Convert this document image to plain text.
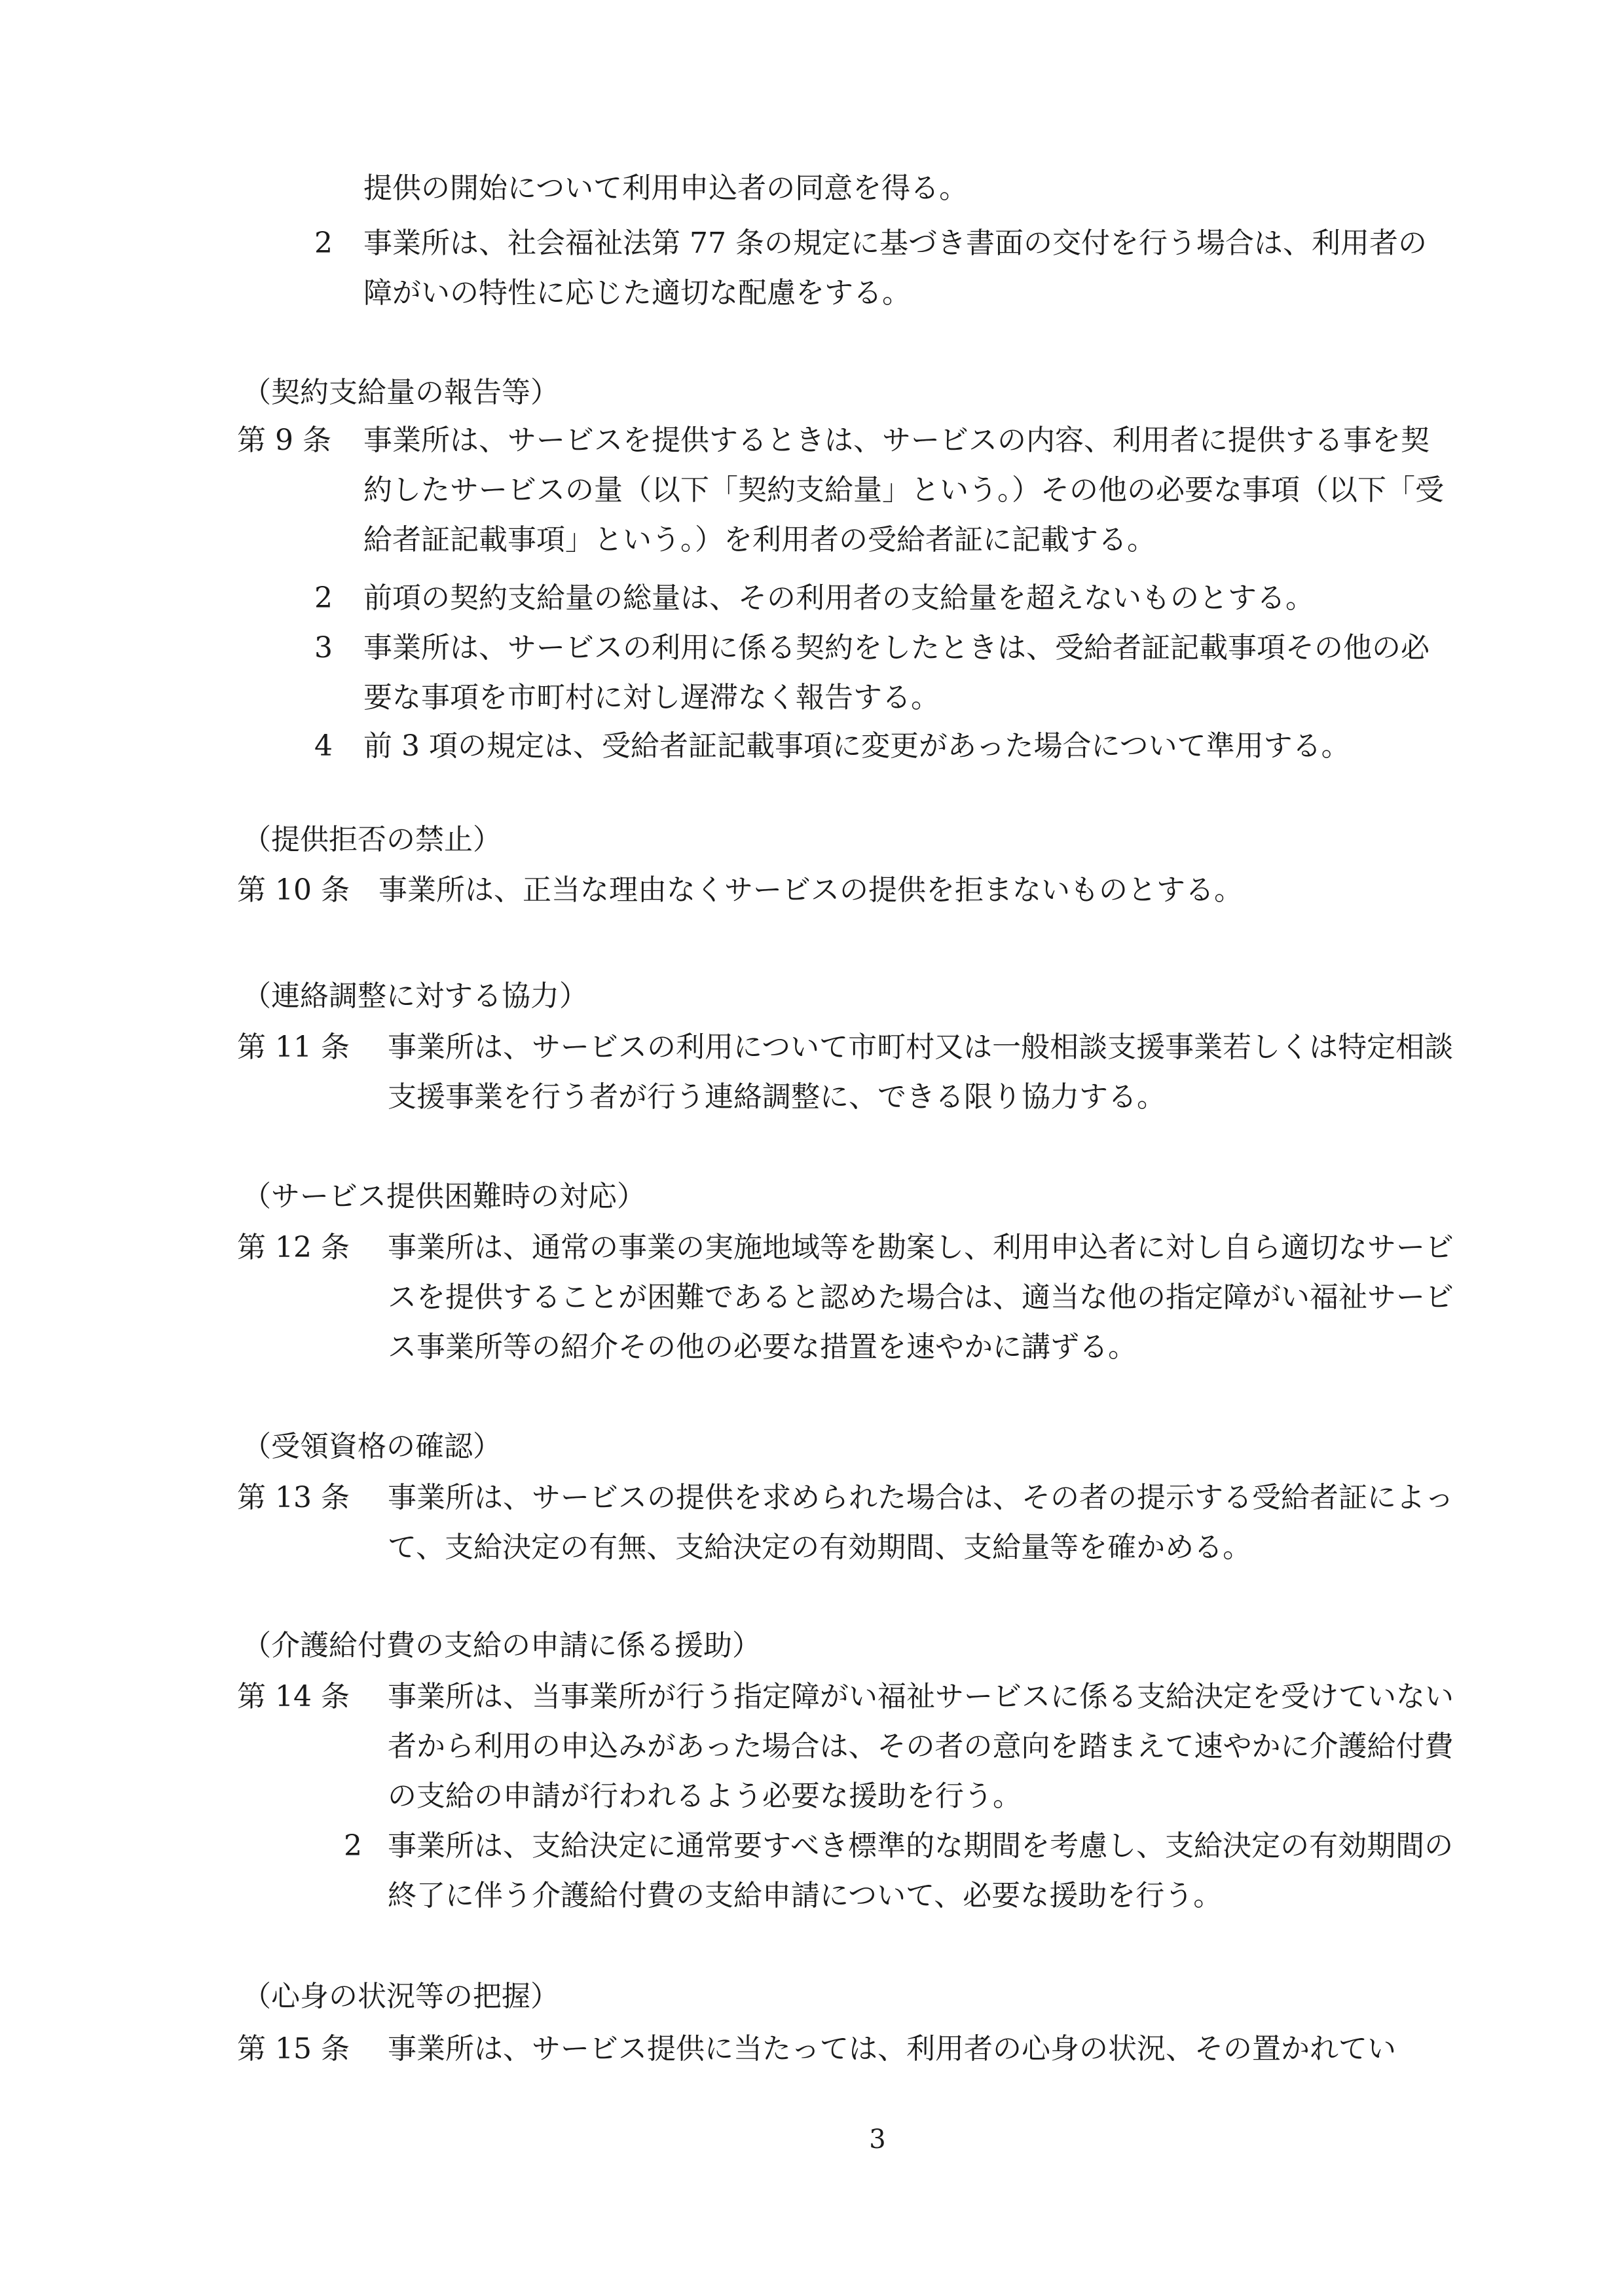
提供の開始について利用申込者の同意を得る。
2 事業所は、社会福祉法第 77 条の規定に基づき書面の交付を行う場合は、利用者の障がいの特性に応じた適切な配慮をする。
（契約支給量の報告等）
第 9 条 事業所は、サービスを提供するときは、サービスの内容、利用者に提供する事を契約したサービスの量（以下「契約支給量」という。）その他の必要な事項（以下「受給者証記載事項」という。）を利用者の受給者証に記載する。
2 前項の契約支給量の総量は、その利用者の支給量を超えないものとする。
3 事業所は、サービスの利用に係る契約をしたときは、受給者証記載事項その他の必要な事項を市町村に対し遅滞なく報告する。
4 前 3 項の規定は、受給者証記載事項に変更があった場合について準用する。
（提供拒否の禁止）
第 10 条 事業所は、正当な理由なくサービスの提供を拒まないものとする。
（連絡調整に対する協力）
第 11 条 事業所は、サービスの利用について市町村又は一般相談支援事業若しくは特定相談支援事業を行う者が行う連絡調整に、できる限り協力する。
（サービス提供困難時の対応）
第 12 条 事業所は、通常の事業の実施地域等を勘案し、利用申込者に対し自ら適切なサービスを提供することが困難であると認めた場合は、適当な他の指定障がい福祉サービス事業所等の紹介その他の必要な措置を速やかに講ずる。
（受領資格の確認）
第 13 条 事業所は、サービスの提供を求められた場合は、その者の提示する受給者証によって、支給決定の有無、支給決定の有効期間、支給量等を確かめる。
（介護給付費の支給の申請に係る援助）
第 14 条 事業所は、当事業所が行う指定障がい福祉サービスに係る支給決定を受けていない者から利用の申込みがあった場合は、その者の意向を踏まえて速やかに介護給付費の支給の申請が行われるよう必要な援助を行う。
2 事業所は、支給決定に通常要すべき標準的な期間を考慮し、支給決定の有効期間の終了に伴う介護給付費の支給申請について、必要な援助を行う。
（心身の状況等の把握）
第 15 条 事業所は、サービス提供に当たっては、利用者の心身の状況、その置かれてい
3
